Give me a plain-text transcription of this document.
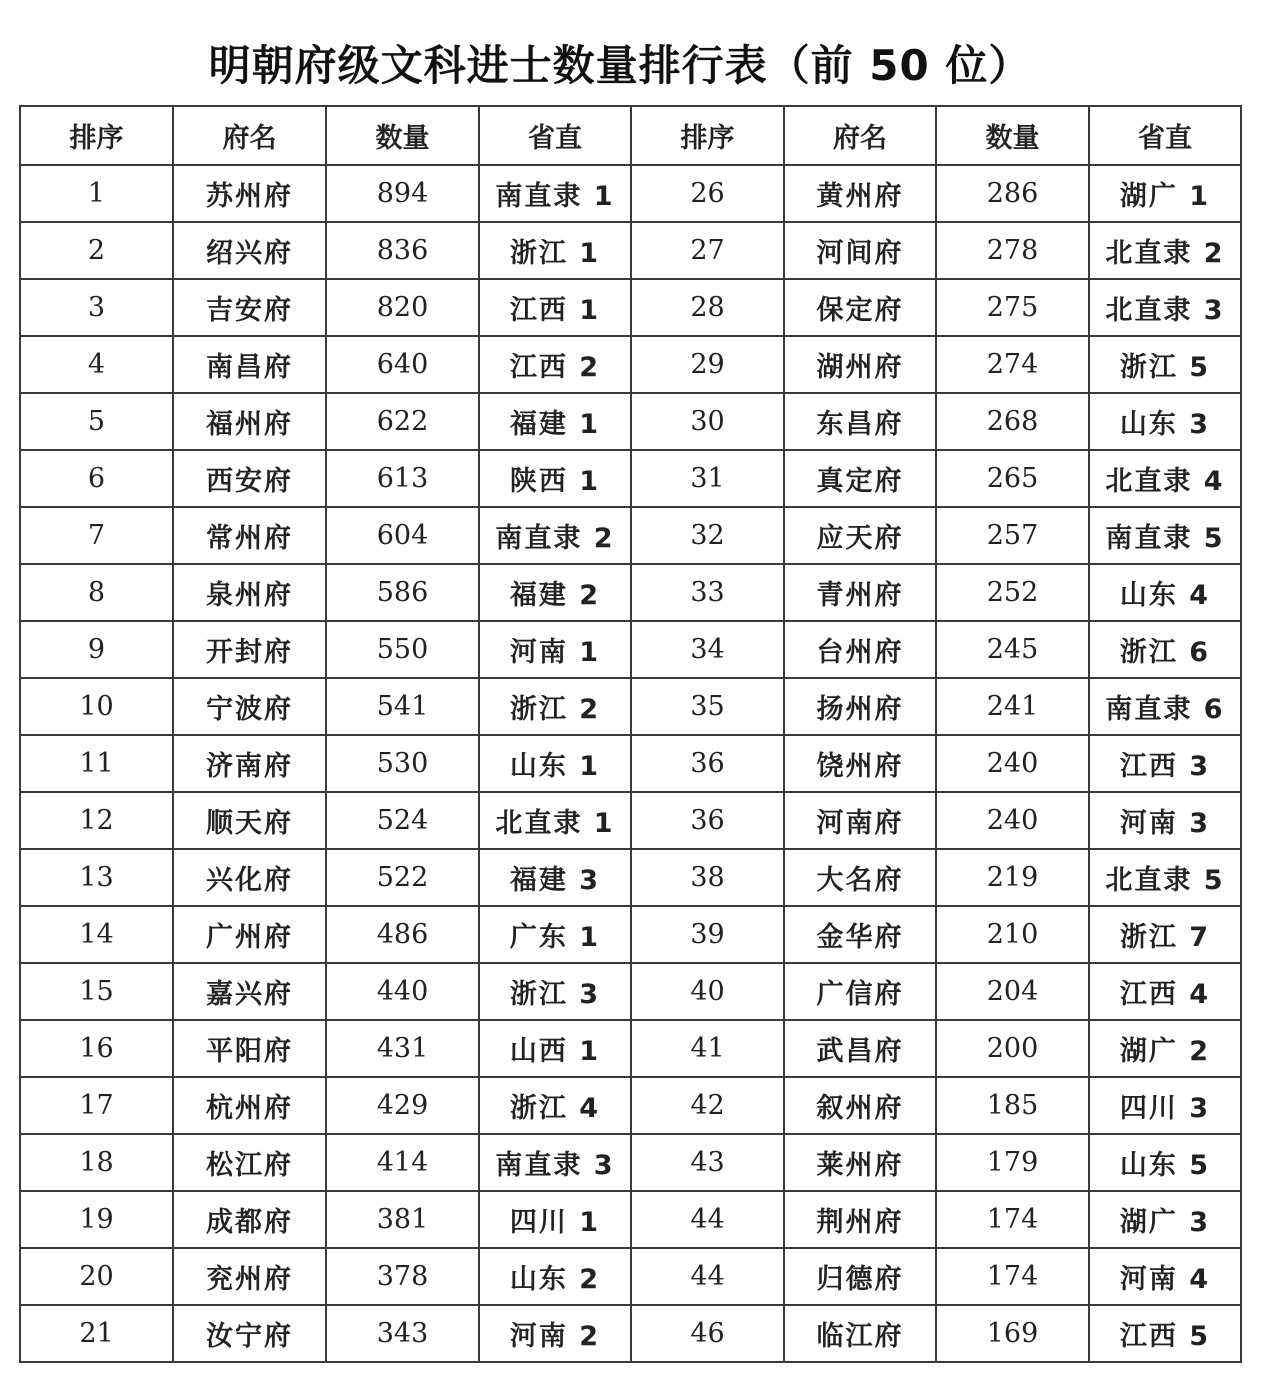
明朝府级文科进士数量排行表（前 50 位）
排序	府名	数量	省直	排序	府名	数量	省直
1	苏州府	894	南直隶 1	26	黄州府	286	湖广 1
2	绍兴府	836	浙江 1	27	河间府	278	北直隶 2
3	吉安府	820	江西 1	28	保定府	275	北直隶 3
4	南昌府	640	江西 2	29	湖州府	274	浙江 5
5	福州府	622	福建 1	30	东昌府	268	山东 3
6	西安府	613	陕西 1	31	真定府	265	北直隶 4
7	常州府	604	南直隶 2	32	应天府	257	南直隶 5
8	泉州府	586	福建 2	33	青州府	252	山东 4
9	开封府	550	河南 1	34	台州府	245	浙江 6
10	宁波府	541	浙江 2	35	扬州府	241	南直隶 6
11	济南府	530	山东 1	36	饶州府	240	江西 3
12	顺天府	524	北直隶 1	36	河南府	240	河南 3
13	兴化府	522	福建 3	38	大名府	219	北直隶 5
14	广州府	486	广东 1	39	金华府	210	浙江 7
15	嘉兴府	440	浙江 3	40	广信府	204	江西 4
16	平阳府	431	山西 1	41	武昌府	200	湖广 2
17	杭州府	429	浙江 4	42	叙州府	185	四川 3
18	松江府	414	南直隶 3	43	莱州府	179	山东 5
19	成都府	381	四川 1	44	荆州府	174	湖广 3
20	兖州府	378	山东 2	44	归德府	174	河南 4
21	汝宁府	343	河南 2	46	临江府	169	江西 5
